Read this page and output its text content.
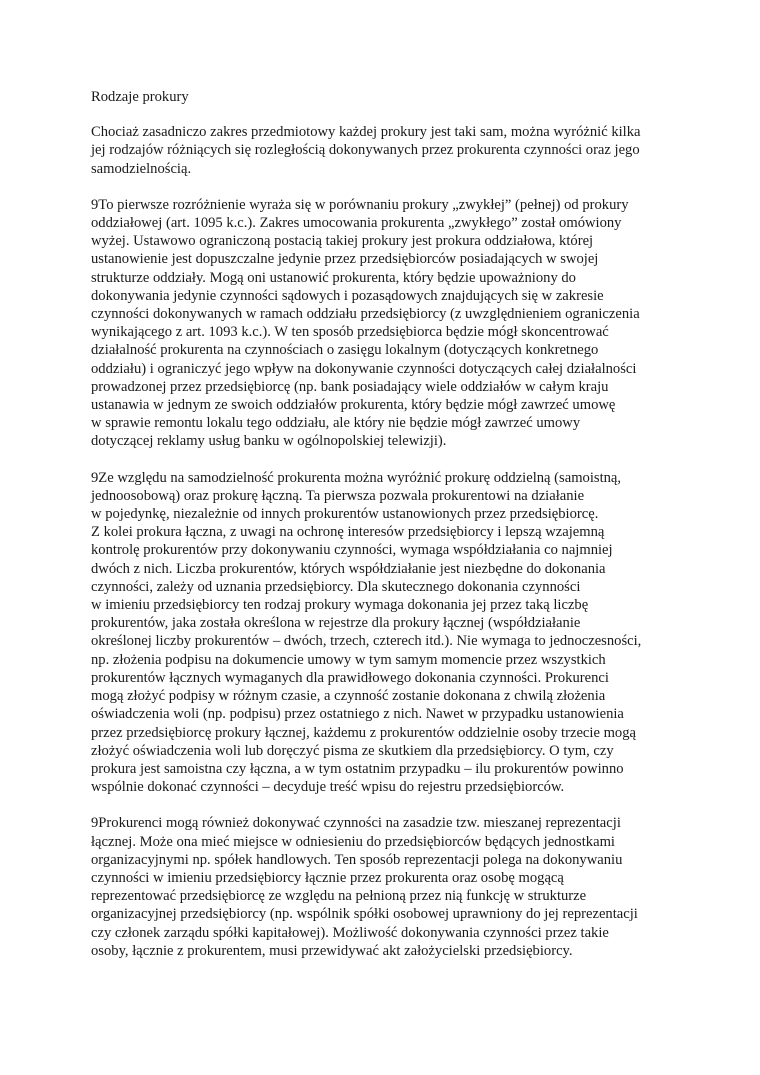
Rodzaje prokury
Chociaż zasadniczo zakres przedmiotowy każdej prokury jest taki sam, można wyróżnić kilka
jej rodzajów różniących się rozległością dokonywanych przez prokurenta czynności oraz jego
samodzielnością.
9To pierwsze rozróżnienie wyraża się w porównaniu prokury „zwykłej” (pełnej) od prokury
oddziałowej (art. 1095 k.c.). Zakres umocowania prokurenta „zwykłego” został omówiony
wyżej. Ustawowo ograniczoną postacią takiej prokury jest prokura oddziałowa, której
ustanowienie jest dopuszczalne jedynie przez przedsiębiorców posiadających w swojej
strukturze oddziały. Mogą oni ustanowić prokurenta, który będzie upoważniony do
dokonywania jedynie czynności sądowych i pozasądowych znajdujących się w zakresie
czynności dokonywanych w ramach oddziału przedsiębiorcy (z uwzględnieniem ograniczenia
wynikającego z art. 1093 k.c.). W ten sposób przedsiębiorca będzie mógł skoncentrować
działalność prokurenta na czynnościach o zasięgu lokalnym (dotyczących konkretnego
oddziału) i ograniczyć jego wpływ na dokonywanie czynności dotyczących całej działalności
prowadzonej przez przedsiębiorcę (np. bank posiadający wiele oddziałów w całym kraju
ustanawia w jednym ze swoich oddziałów prokurenta, który będzie mógł zawrzeć umowę
w sprawie remontu lokalu tego oddziału, ale który nie będzie mógł zawrzeć umowy
dotyczącej reklamy usług banku w ogólnopolskiej telewizji).
9Ze względu na samodzielność prokurenta można wyróżnić prokurę oddzielną (samoistną,
jednoosobową) oraz prokurę łączną. Ta pierwsza pozwala prokurentowi na działanie
w pojedynkę, niezależnie od innych prokurentów ustanowionych przez przedsiębiorcę.
Z kolei prokura łączna, z uwagi na ochronę interesów przedsiębiorcy i lepszą wzajemną
kontrolę prokurentów przy dokonywaniu czynności, wymaga współdziałania co najmniej
dwóch z nich. Liczba prokurentów, których współdziałanie jest niezbędne do dokonania
czynności, zależy od uznania przedsiębiorcy. Dla skutecznego dokonania czynności
w imieniu przedsiębiorcy ten rodzaj prokury wymaga dokonania jej przez taką liczbę
prokurentów, jaka została określona w rejestrze dla prokury łącznej (współdziałanie
określonej liczby prokurentów – dwóch, trzech, czterech itd.). Nie wymaga to jednoczesności,
np. złożenia podpisu na dokumencie umowy w tym samym momencie przez wszystkich
prokurentów łącznych wymaganych dla prawidłowego dokonania czynności. Prokurenci
mogą złożyć podpisy w różnym czasie, a czynność zostanie dokonana z chwilą złożenia
oświadczenia woli (np. podpisu) przez ostatniego z nich. Nawet w przypadku ustanowienia
przez przedsiębiorcę prokury łącznej, każdemu z prokurentów oddzielnie osoby trzecie mogą
złożyć oświadczenia woli lub doręczyć pisma ze skutkiem dla przedsiębiorcy. O tym, czy
prokura jest samoistna czy łączna, a w tym ostatnim przypadku – ilu prokurentów powinno
wspólnie dokonać czynności – decyduje treść wpisu do rejestru przedsiębiorców.
9Prokurenci mogą również dokonywać czynności na zasadzie tzw. mieszanej reprezentacji
łącznej. Może ona mieć miejsce w odniesieniu do przedsiębiorców będących jednostkami
organizacyjnymi np. spółek handlowych. Ten sposób reprezentacji polega na dokonywaniu
czynności w imieniu przedsiębiorcy łącznie przez prokurenta oraz osobę mogącą
reprezentować przedsiębiorcę ze względu na pełnioną przez nią funkcję w strukturze
organizacyjnej przedsiębiorcy (np. wspólnik spółki osobowej uprawniony do jej reprezentacji
czy członek zarządu spółki kapitałowej). Możliwość dokonywania czynności przez takie
osoby, łącznie z prokurentem, musi przewidywać akt założycielski przedsiębiorcy.
